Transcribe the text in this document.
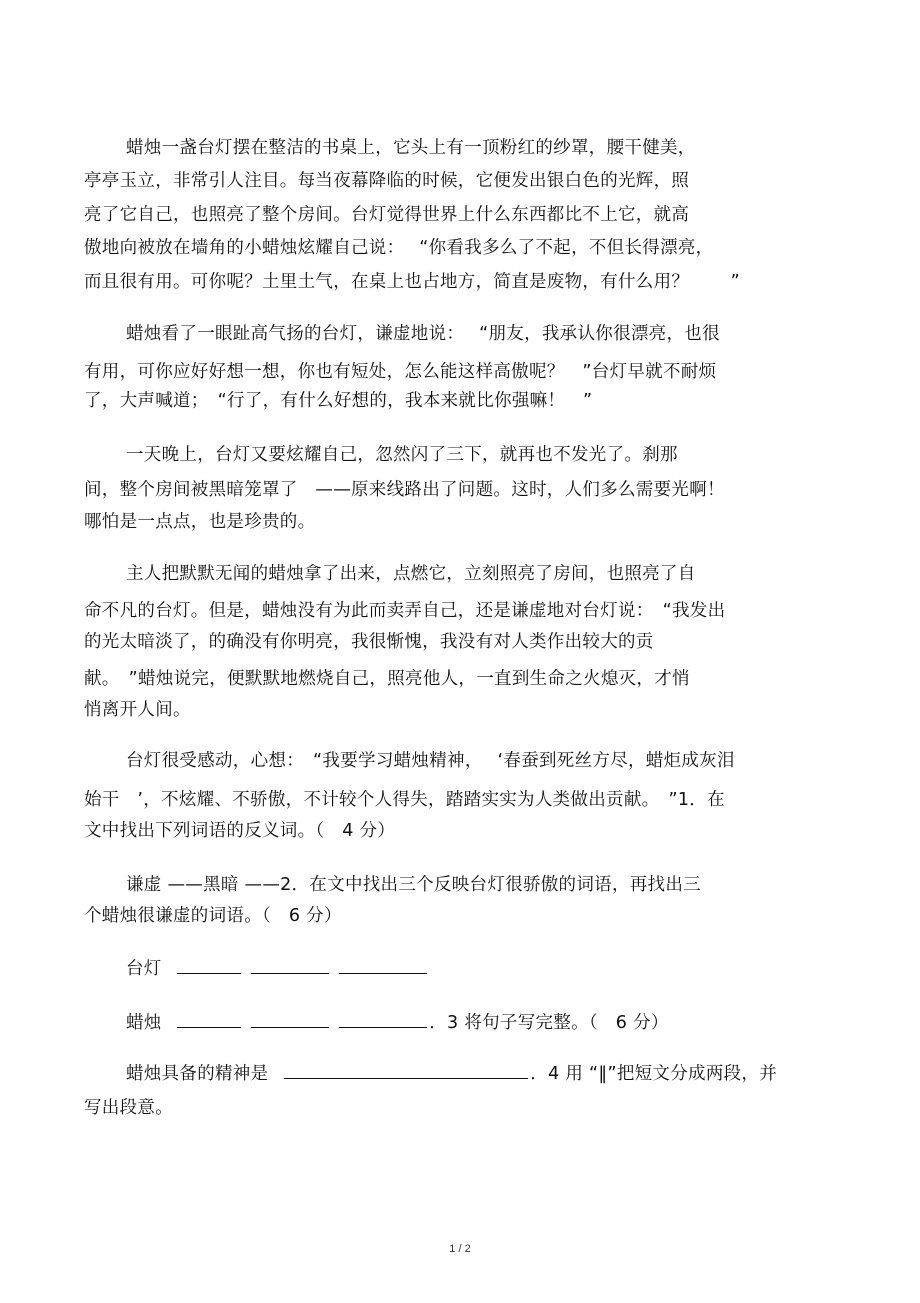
蜡烛一盏台灯摆在整洁的书桌上，它头上有一顶粉红的纱罩，腰干健美，
亭亭玉立，非常引人注目。每当夜幕降临的时候，它便发出银白色的光辉，照
亮了它自己，也照亮了整个房间。台灯觉得世界上什么东西都比不上它，就高
傲地向被放在墙角的小蜡烛炫耀自己说：　 “你看我多么了不起，不但长得漂亮，
而且很有用。可你呢？土里土气，在桌上也占地方，简直是废物，有什么用？　　 ”
蜡烛看了一眼趾高气扬的台灯，谦虚地说：　 “朋友，我承认你很漂亮，也很
有用，可你应好好想一想，你也有短处，怎么能这样高傲呢？　”台灯早就不耐烦
了，大声喊道；　“行了，有什么好想的，我本来就比你强嘛！　”
一天晚上，台灯又要炫耀自己，忽然闪了三下，就再也不发光了。刹那
间，整个房间被黑暗笼罩了　——原来线路出了问题。这时，人们多么需要光啊！
哪怕是一点点，也是珍贵的。
主人把默默无闻的蜡烛拿了出来，点燃它，立刻照亮了房间，也照亮了自
命不凡的台灯。但是，蜡烛没有为此而卖弄自己，还是谦虚地对台灯说：　“我发出
的光太暗淡了，的确没有你明亮，我很惭愧，我没有对人类作出较大的贡
献。　”蜡烛说完，便默默地燃烧自己，照亮他人，一直到生命之火熄灭，才悄
悄离开人间。
台灯很受感动，心想：　“我要学习蜡烛精神，　 ‘春蚕到死丝方尽，蜡炬成灰泪
始干　’，不炫耀、不骄傲，不计较个人得失，踏踏实实为人类做出贡献。　”1．在
文中找出下列词语的反义词。（　4 分）
谦虚 ——黑暗 ——2．在文中找出三个反映台灯很骄傲的词语，再找出三
个蜡烛很谦虚的词语。（　6 分）
台灯
蜡烛	．3 将句子写完整。（　6 分）
蜡烛具备的精神是	．4 用 “‖”把短文分成两段，并
写出段意。
1 / 2
